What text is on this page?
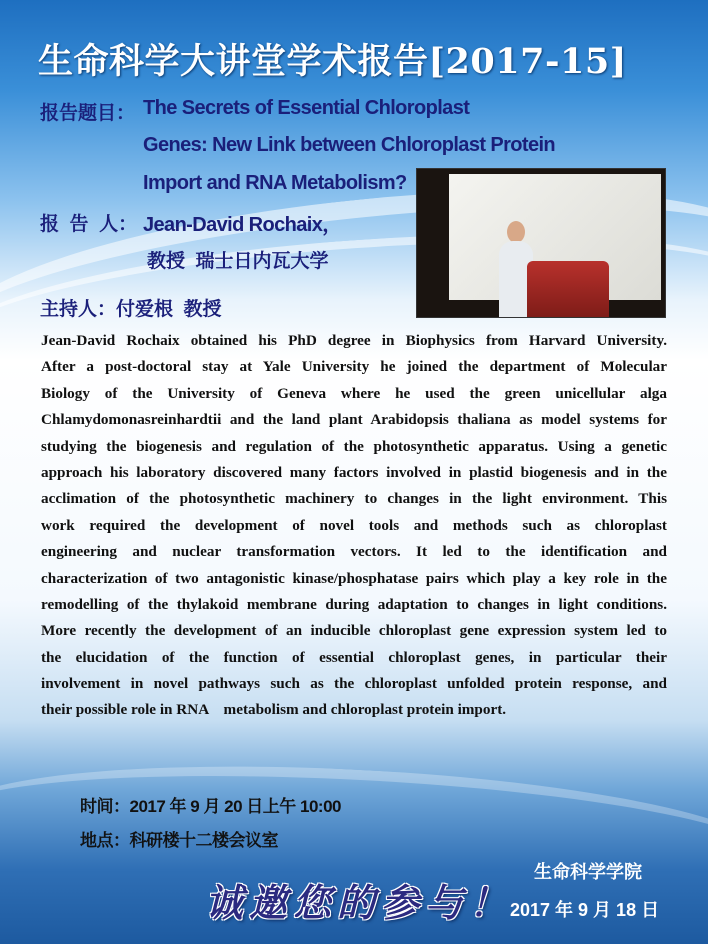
生命科学大讲堂学术报告[2017-15]
报告题目： The Secrets of Essential Chloroplast
Genes: New Link between Chloroplast Protein
Import and RNA Metabolism?
报  告  人： Jean-David Rochaix，
教授  瑞士日内瓦大学
主持人：付爱根  教授
Jean-David Rochaix obtained his PhD degree in Biophysics from Harvard University.
After a post-doctoral stay at Yale University he joined the department of Molecular
Biology of the University of Geneva where he used the green unicellular alga
Chlamydomonasreinhardtii and the land plant Arabidopsis thaliana as model systems for
studying the biogenesis and regulation of the photosynthetic apparatus. Using a genetic
approach his laboratory discovered many factors involved in plastid biogenesis and in the
acclimation of the photosynthetic machinery to changes in the light environment. This
work required the development of novel tools and methods such as chloroplast
engineering and nuclear transformation vectors. It led to the identification and
characterization of two antagonistic kinase/phosphatase pairs which play a key role in the
remodelling of the thylakoid membrane during adaptation to changes in light conditions.
More recently the development of an inducible chloroplast gene expression system led to
the elucidation of the function of essential chloroplast genes, in particular their
involvement in novel pathways such as the chloroplast unfolded protein response, and
their possible role in RNA    metabolism and chloroplast protein import.
时间：2017 年 9 月 20 日上午 10:00
地点：科研楼十二楼会议室
诚邀您的参与！
生命科学学院
2017 年 9 月 18 日
